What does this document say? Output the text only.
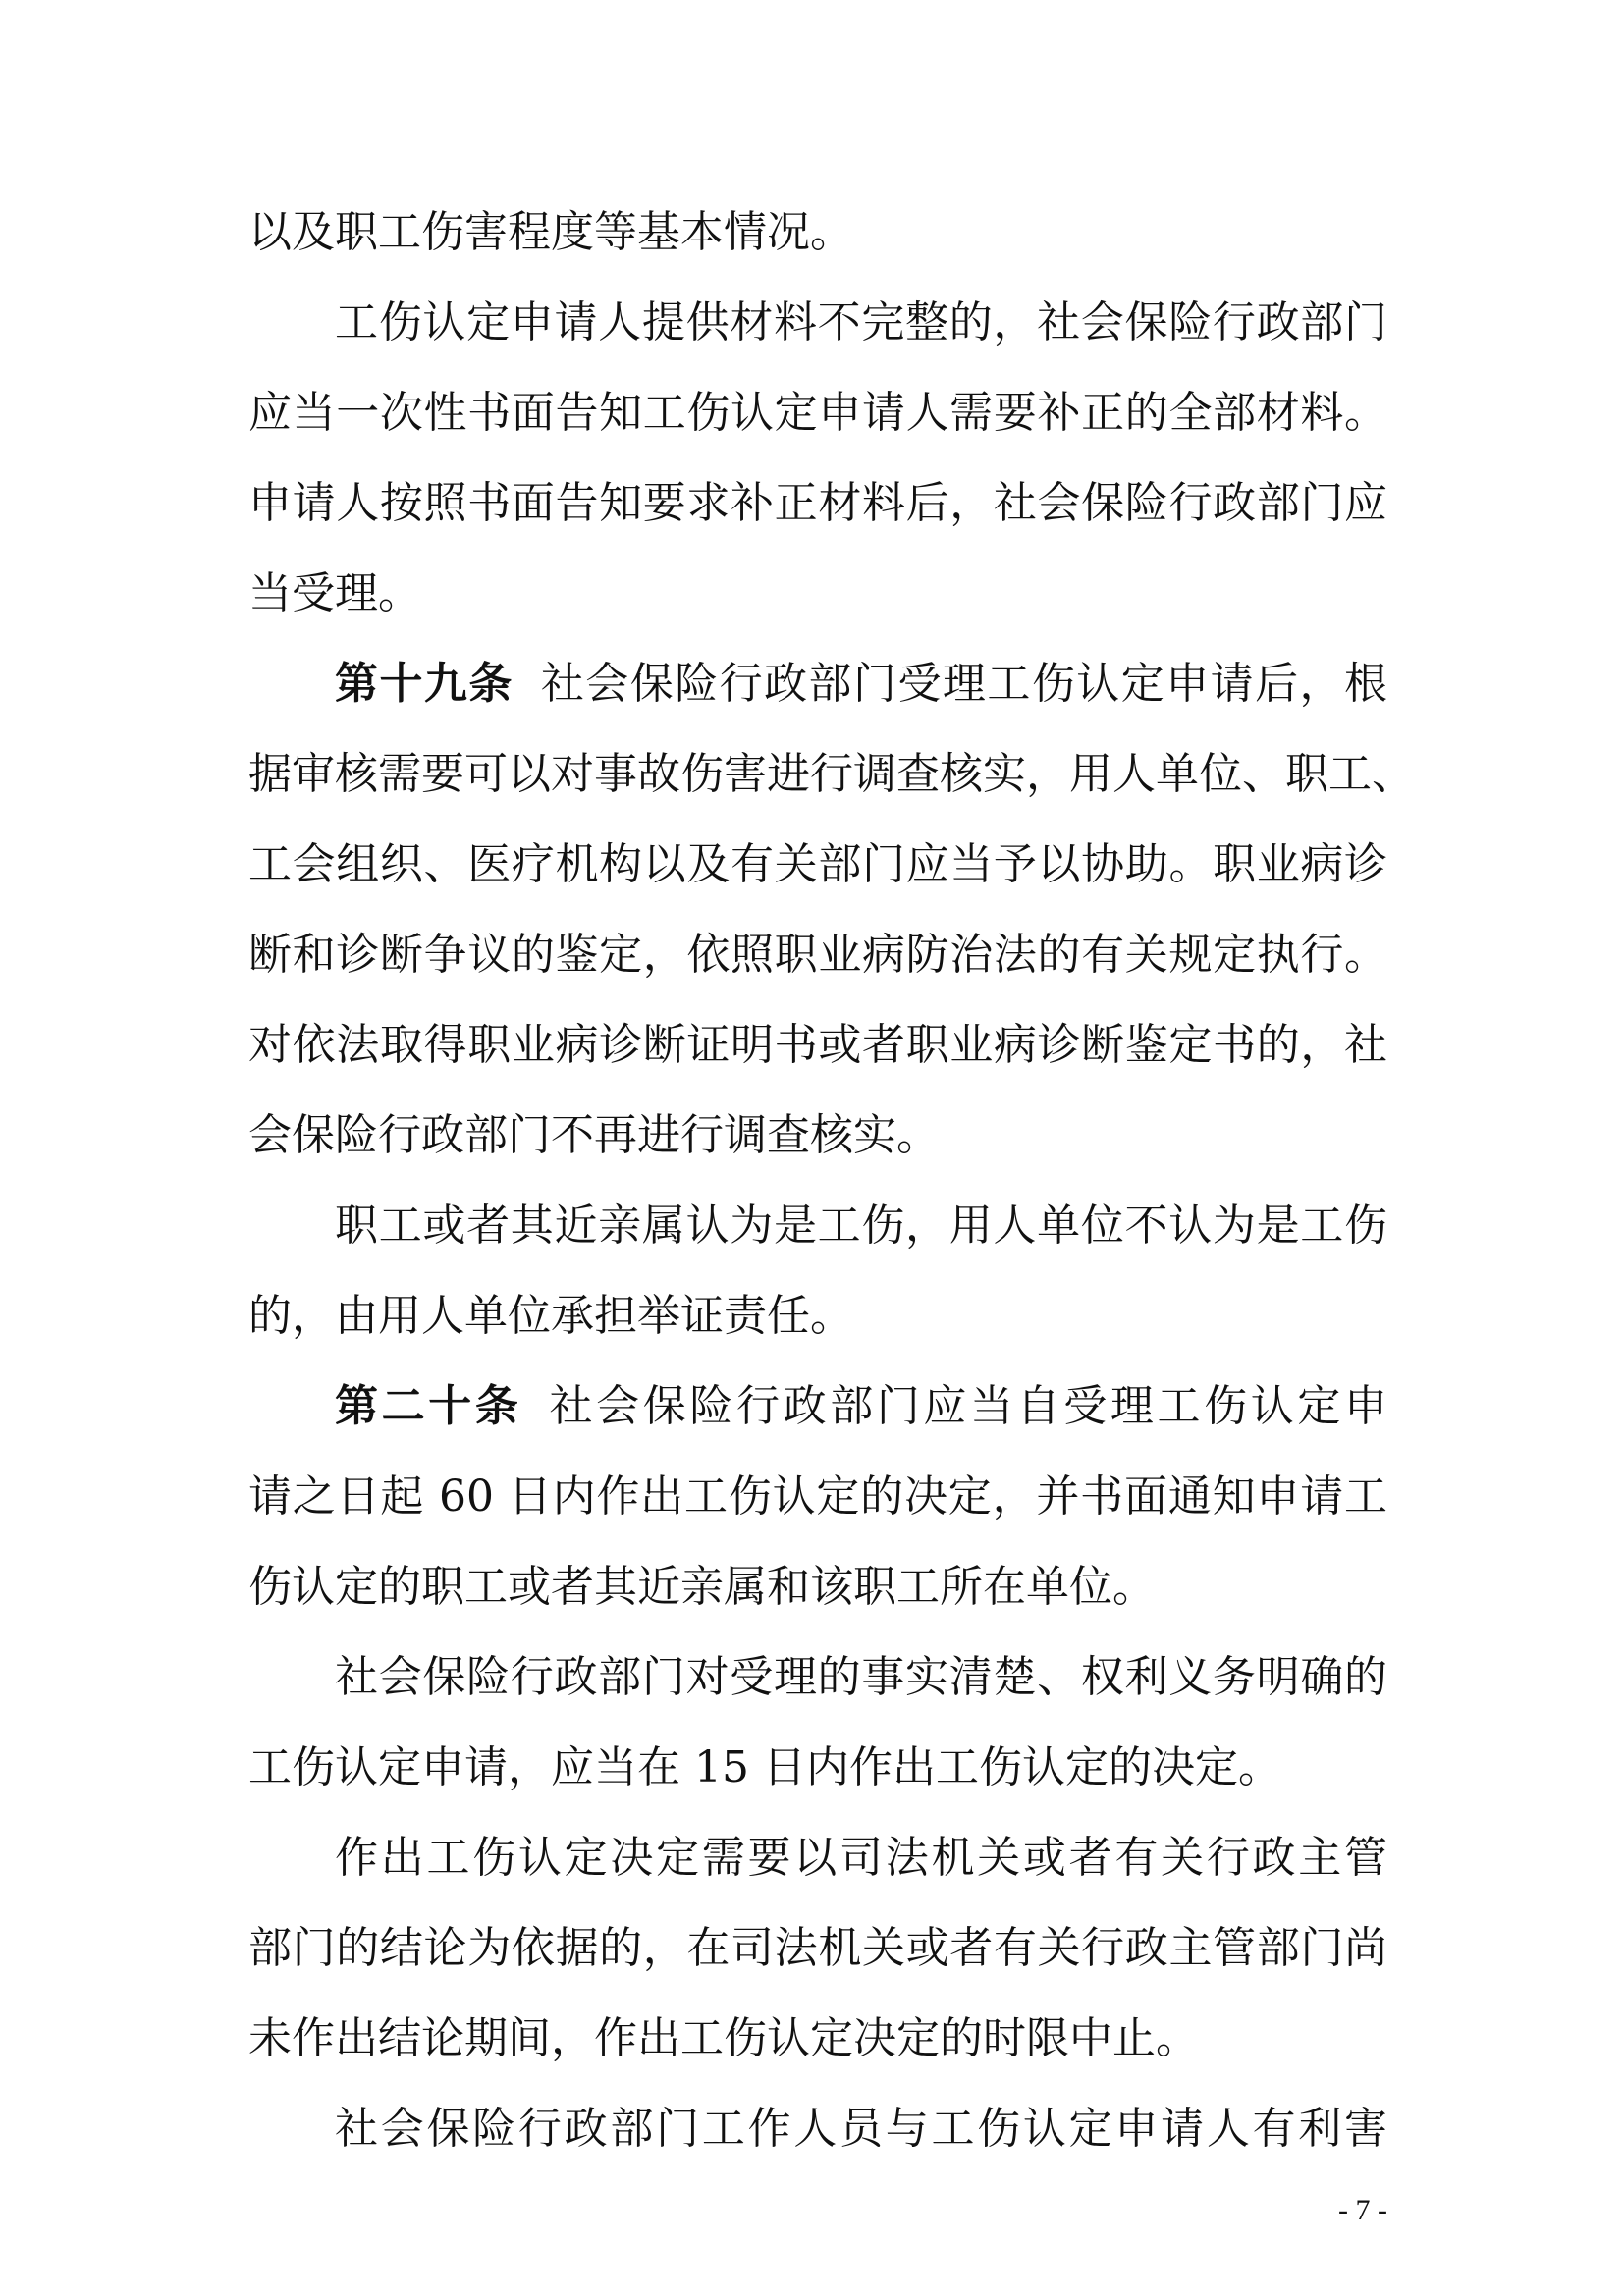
以及职工伤害程度等基本情况。
工伤认定申请人提供材料不完整的，社会保险行政部门
应当一次性书面告知工伤认定申请人需要补正的全部材料。
申请人按照书面告知要求补正材料后，社会保险行政部门应
当受理。
第十九条 社会保险行政部门受理工伤认定申请后，根
据审核需要可以对事故伤害进行调查核实，用人单位、职工、
工会组织、医疗机构以及有关部门应当予以协助。职业病诊
断和诊断争议的鉴定，依照职业病防治法的有关规定执行。
对依法取得职业病诊断证明书或者职业病诊断鉴定书的，社
会保险行政部门不再进行调查核实。
职工或者其近亲属认为是工伤，用人单位不认为是工伤
的，由用人单位承担举证责任。
第二十条 社会保险行政部门应当自受理工伤认定申
请之日起 60 日内作出工伤认定的决定，并书面通知申请工
伤认定的职工或者其近亲属和该职工所在单位。
社会保险行政部门对受理的事实清楚、权利义务明确的
工伤认定申请，应当在 15 日内作出工伤认定的决定。
作出工伤认定决定需要以司法机关或者有关行政主管
部门的结论为依据的，在司法机关或者有关行政主管部门尚
未作出结论期间，作出工伤认定决定的时限中止。
社会保险行政部门工作人员与工伤认定申请人有利害
- 7 -
